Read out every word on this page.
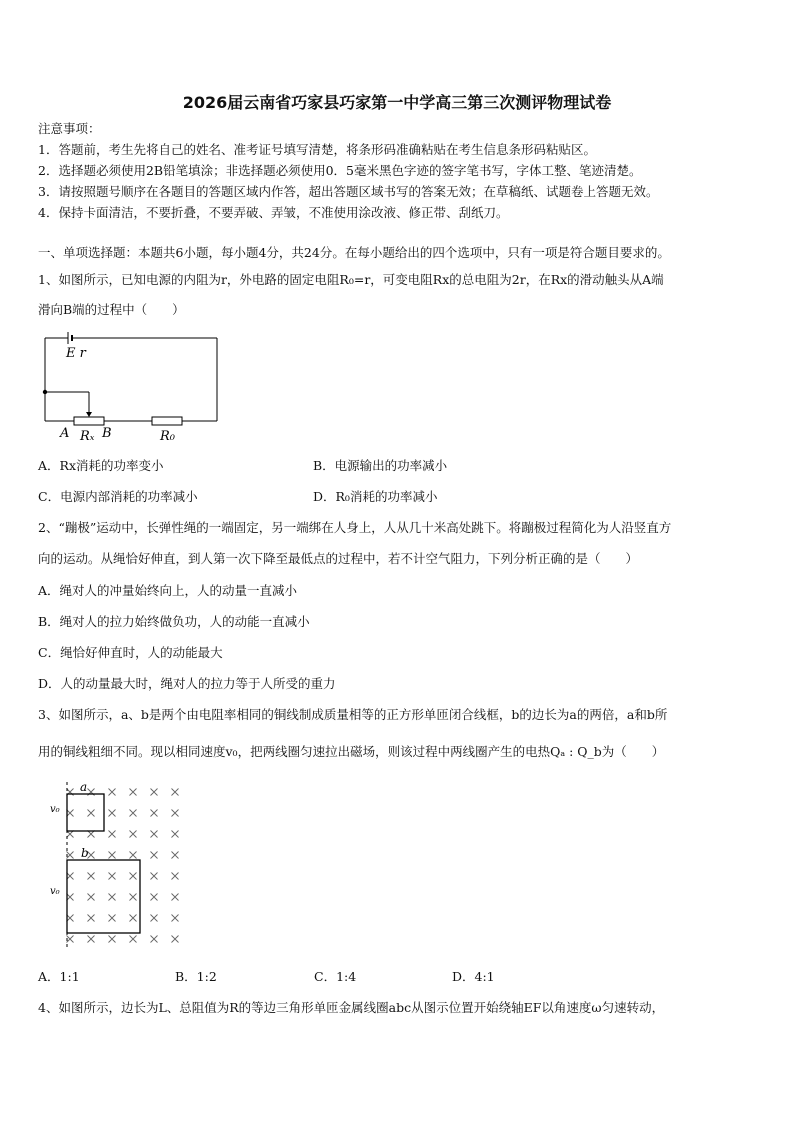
2026届云南省巧家县巧家第一中学高三第三次测评物理试卷
注意事项：
1．答题前，考生先将自己的姓名、准考证号填写清楚，将条形码准确粘贴在考生信息条形码粘贴区。
2．选择题必须使用2B铅笔填涂；非选择题必须使用0．5毫米黑色字迹的签字笔书写，字体工整、笔迹清楚。
3．请按照题号顺序在各题目的答题区域内作答，超出答题区域书写的答案无效；在草稿纸、试题卷上答题无效。
4．保持卡面清洁，不要折叠，不要弄破、弄皱，不准使用涂改液、修正带、刮纸刀。
一、单项选择题：本题共6小题，每小题4分，共24分。在每小题给出的四个选项中，只有一项是符合题目要求的。
1、如图所示，已知电源的内阻为r，外电路的固定电阻R₀=r，可变电阻Rx的总电阻为2r，在Rx的滑动触头从A端
滑向B端的过程中（　　）
E r
A Rₓ B	R₀
A．Rx消耗的功率变小	B．电源输出的功率减小
C．电源内部消耗的功率减小	D．R₀消耗的功率减小
2、“蹦极”运动中，长弹性绳的一端固定，另一端绑在人身上，人从几十米高处跳下。将蹦极过程简化为人沿竖直方
向的运动。从绳恰好伸直，到人第一次下降至最低点的过程中，若不计空气阻力，下列分析正确的是（　　）
A．绳对人的冲量始终向上，人的动量一直减小
B．绳对人的拉力始终做负功，人的动能一直减小
C．绳恰好伸直时，人的动能最大
D．人的动量最大时，绳对人的拉力等于人所受的重力
3、如图所示，a、b是两个由电阻率相同的铜线制成质量相等的正方形单匝闭合线框，b的边长为a的两倍，a和b所
用的铜线粗细不同。现以相同速度v₀，把两线圈匀速拉出磁场，则该过程中两线圈产生的电热Qₐ : Q_b为（　　）
a
b
v₀
v₀
A．1:1	B．1:2	C．1:4	D．4:1
4、如图所示，边长为L、总阻值为R的等边三角形单匝金属线圈abc从图示位置开始绕轴EF以角速度ω匀速转动，
